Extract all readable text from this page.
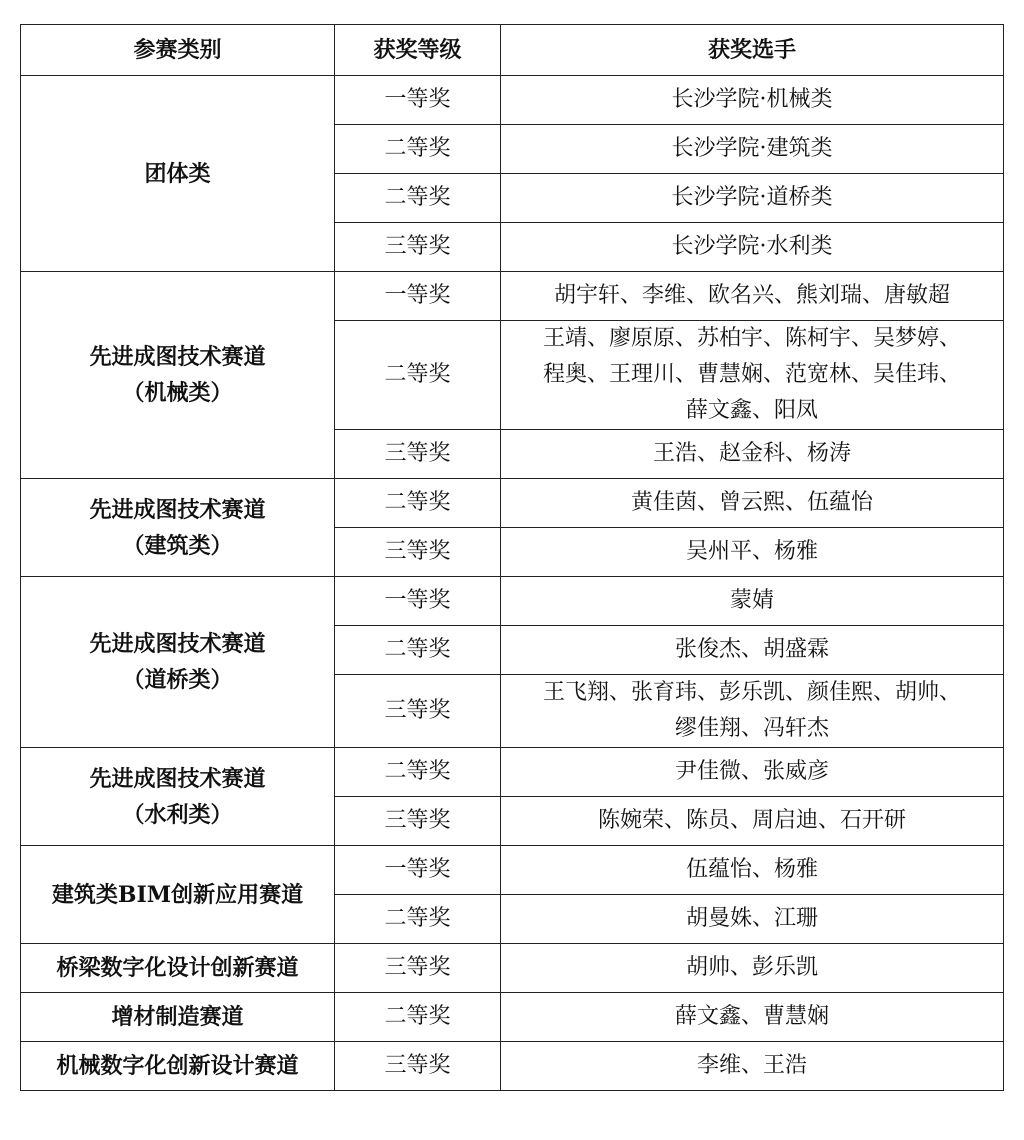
参赛类别	获奖等级	获奖选手

团体类	一等奖	长沙学院·机械类

	二等奖	长沙学院·建筑类

	二等奖	长沙学院·道桥类

	三等奖	长沙学院·水利类

先进成图技术赛道
（机械类）	一等奖	胡宇轩、李维、欧名兴、熊刘瑞、唐敏超

	二等奖	王靖、廖原原、苏柏宇、陈柯宇、吴梦婷、
程奥、王理川、曹慧娴、范宽林、吴佳玮、
薛文鑫、阳凤

	三等奖	王浩、赵金科、杨涛

先进成图技术赛道
（建筑类）	二等奖	黄佳茵、曾云熙、伍蕴怡

	三等奖	吴州平、杨雅

先进成图技术赛道
（道桥类）	一等奖	蒙婧

	二等奖	张俊杰、胡盛霖

	三等奖	王飞翔、张育玮、彭乐凯、颜佳熙、胡帅、
缪佳翔、冯轩杰

先进成图技术赛道
（水利类）	二等奖	尹佳微、张威彦

	三等奖	陈婉荣、陈员、周启迪、石开研

建筑类BIM创新应用赛道	一等奖	伍蕴怡、杨雅

	二等奖	胡曼姝、江珊

桥梁数字化设计创新赛道	三等奖	胡帅、彭乐凯

增材制造赛道	二等奖	薛文鑫、曹慧娴

机械数字化创新设计赛道	三等奖	李维、王浩
